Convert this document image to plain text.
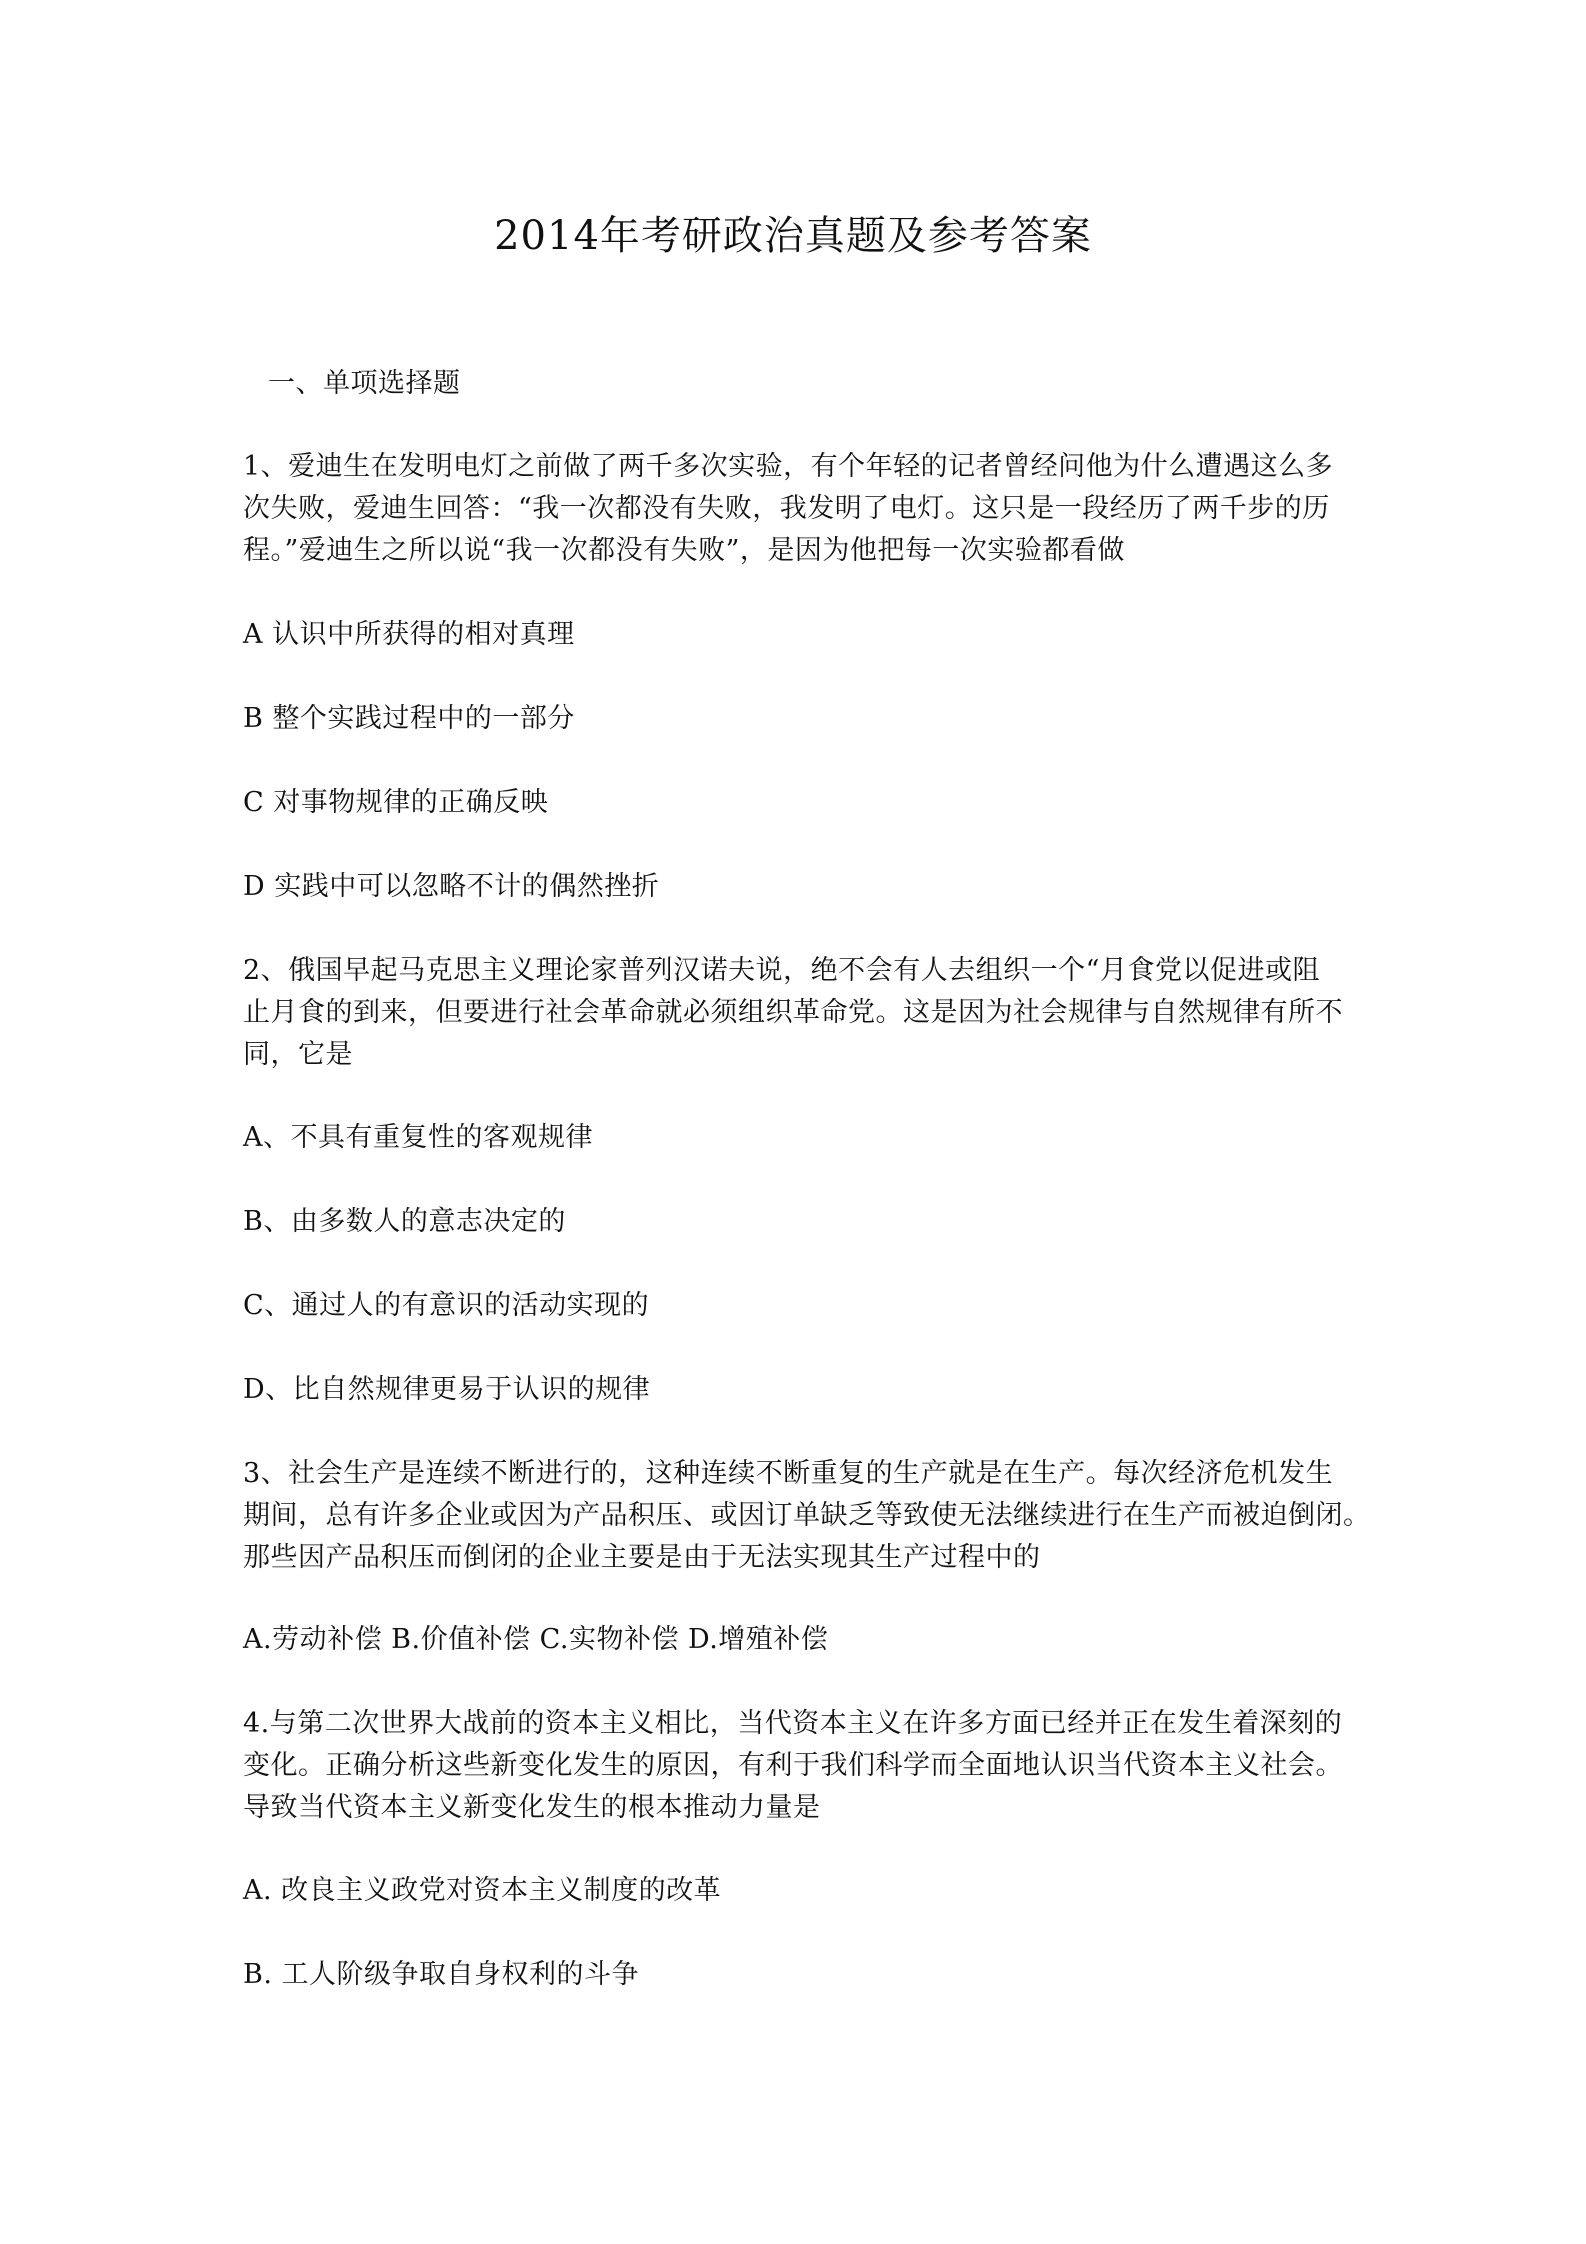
2014年考研政治真题及参考答案
一、单项选择题
1、爱迪生在发明电灯之前做了两千多次实验，有个年轻的记者曾经问他为什么遭遇这么多
次失败，爱迪生回答：“我一次都没有失败，我发明了电灯。这只是一段经历了两千步的历
程。”爱迪生之所以说“我一次都没有失败”，是因为他把每一次实验都看做
A 认识中所获得的相对真理
B 整个实践过程中的一部分
C 对事物规律的正确反映
D 实践中可以忽略不计的偶然挫折
2、俄国早起马克思主义理论家普列汉诺夫说，绝不会有人去组织一个“月食党以促进或阻
止月食的到来，但要进行社会革命就必须组织革命党。这是因为社会规律与自然规律有所不
同，它是
A、不具有重复性的客观规律
B、由多数人的意志决定的
C、通过人的有意识的活动实现的
D、比自然规律更易于认识的规律
3、社会生产是连续不断进行的，这种连续不断重复的生产就是在生产。每次经济危机发生
期间，总有许多企业或因为产品积压、或因订单缺乏等致使无法继续进行在生产而被迫倒闭。
那些因产品积压而倒闭的企业主要是由于无法实现其生产过程中的
A.劳动补偿 B.价值补偿 C.实物补偿 D.增殖补偿
4.与第二次世界大战前的资本主义相比，当代资本主义在许多方面已经并正在发生着深刻的
变化。正确分析这些新变化发生的原因，有利于我们科学而全面地认识当代资本主义社会。
导致当代资本主义新变化发生的根本推动力量是
A. 改良主义政党对资本主义制度的改革
B. 工人阶级争取自身权利的斗争
